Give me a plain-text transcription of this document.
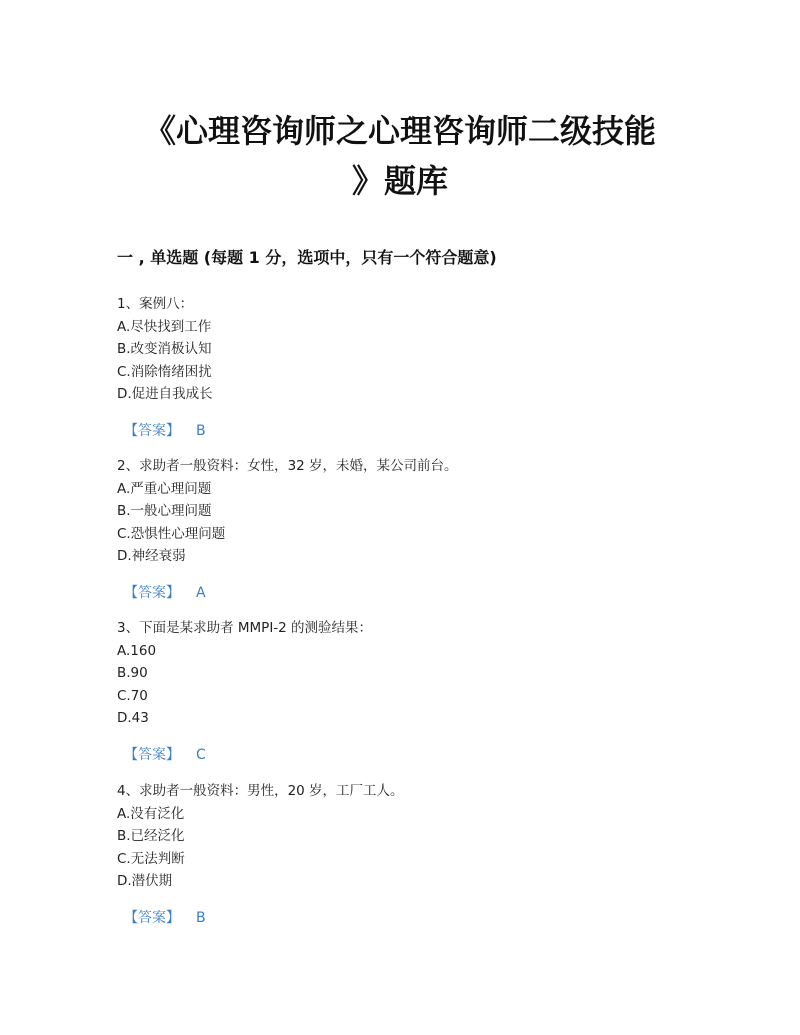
《心理咨询师之心理咨询师二级技能
》题库
一 , 单选题 (每题 1 分，选项中，只有一个符合题意)
1、案例八：
A.尽快找到工作
B.改变消极认知
C.消除惰绪困扰
D.促进自我成长
【答案】 B
2、求助者一般资料：女性，32 岁，未婚，某公司前台。
A.严重心理问题
B.一般心理问题
C.恐惧性心理问题
D.神经衰弱
【答案】 A
3、下面是某求助者 MMPI-2 的测验结果：
A.160
B.90
C.70
D.43
【答案】 C
4、求助者一般资料：男性，20 岁，工厂工人。
A.没有泛化
B.已经泛化
C.无法判断
D.潜伏期
【答案】 B
